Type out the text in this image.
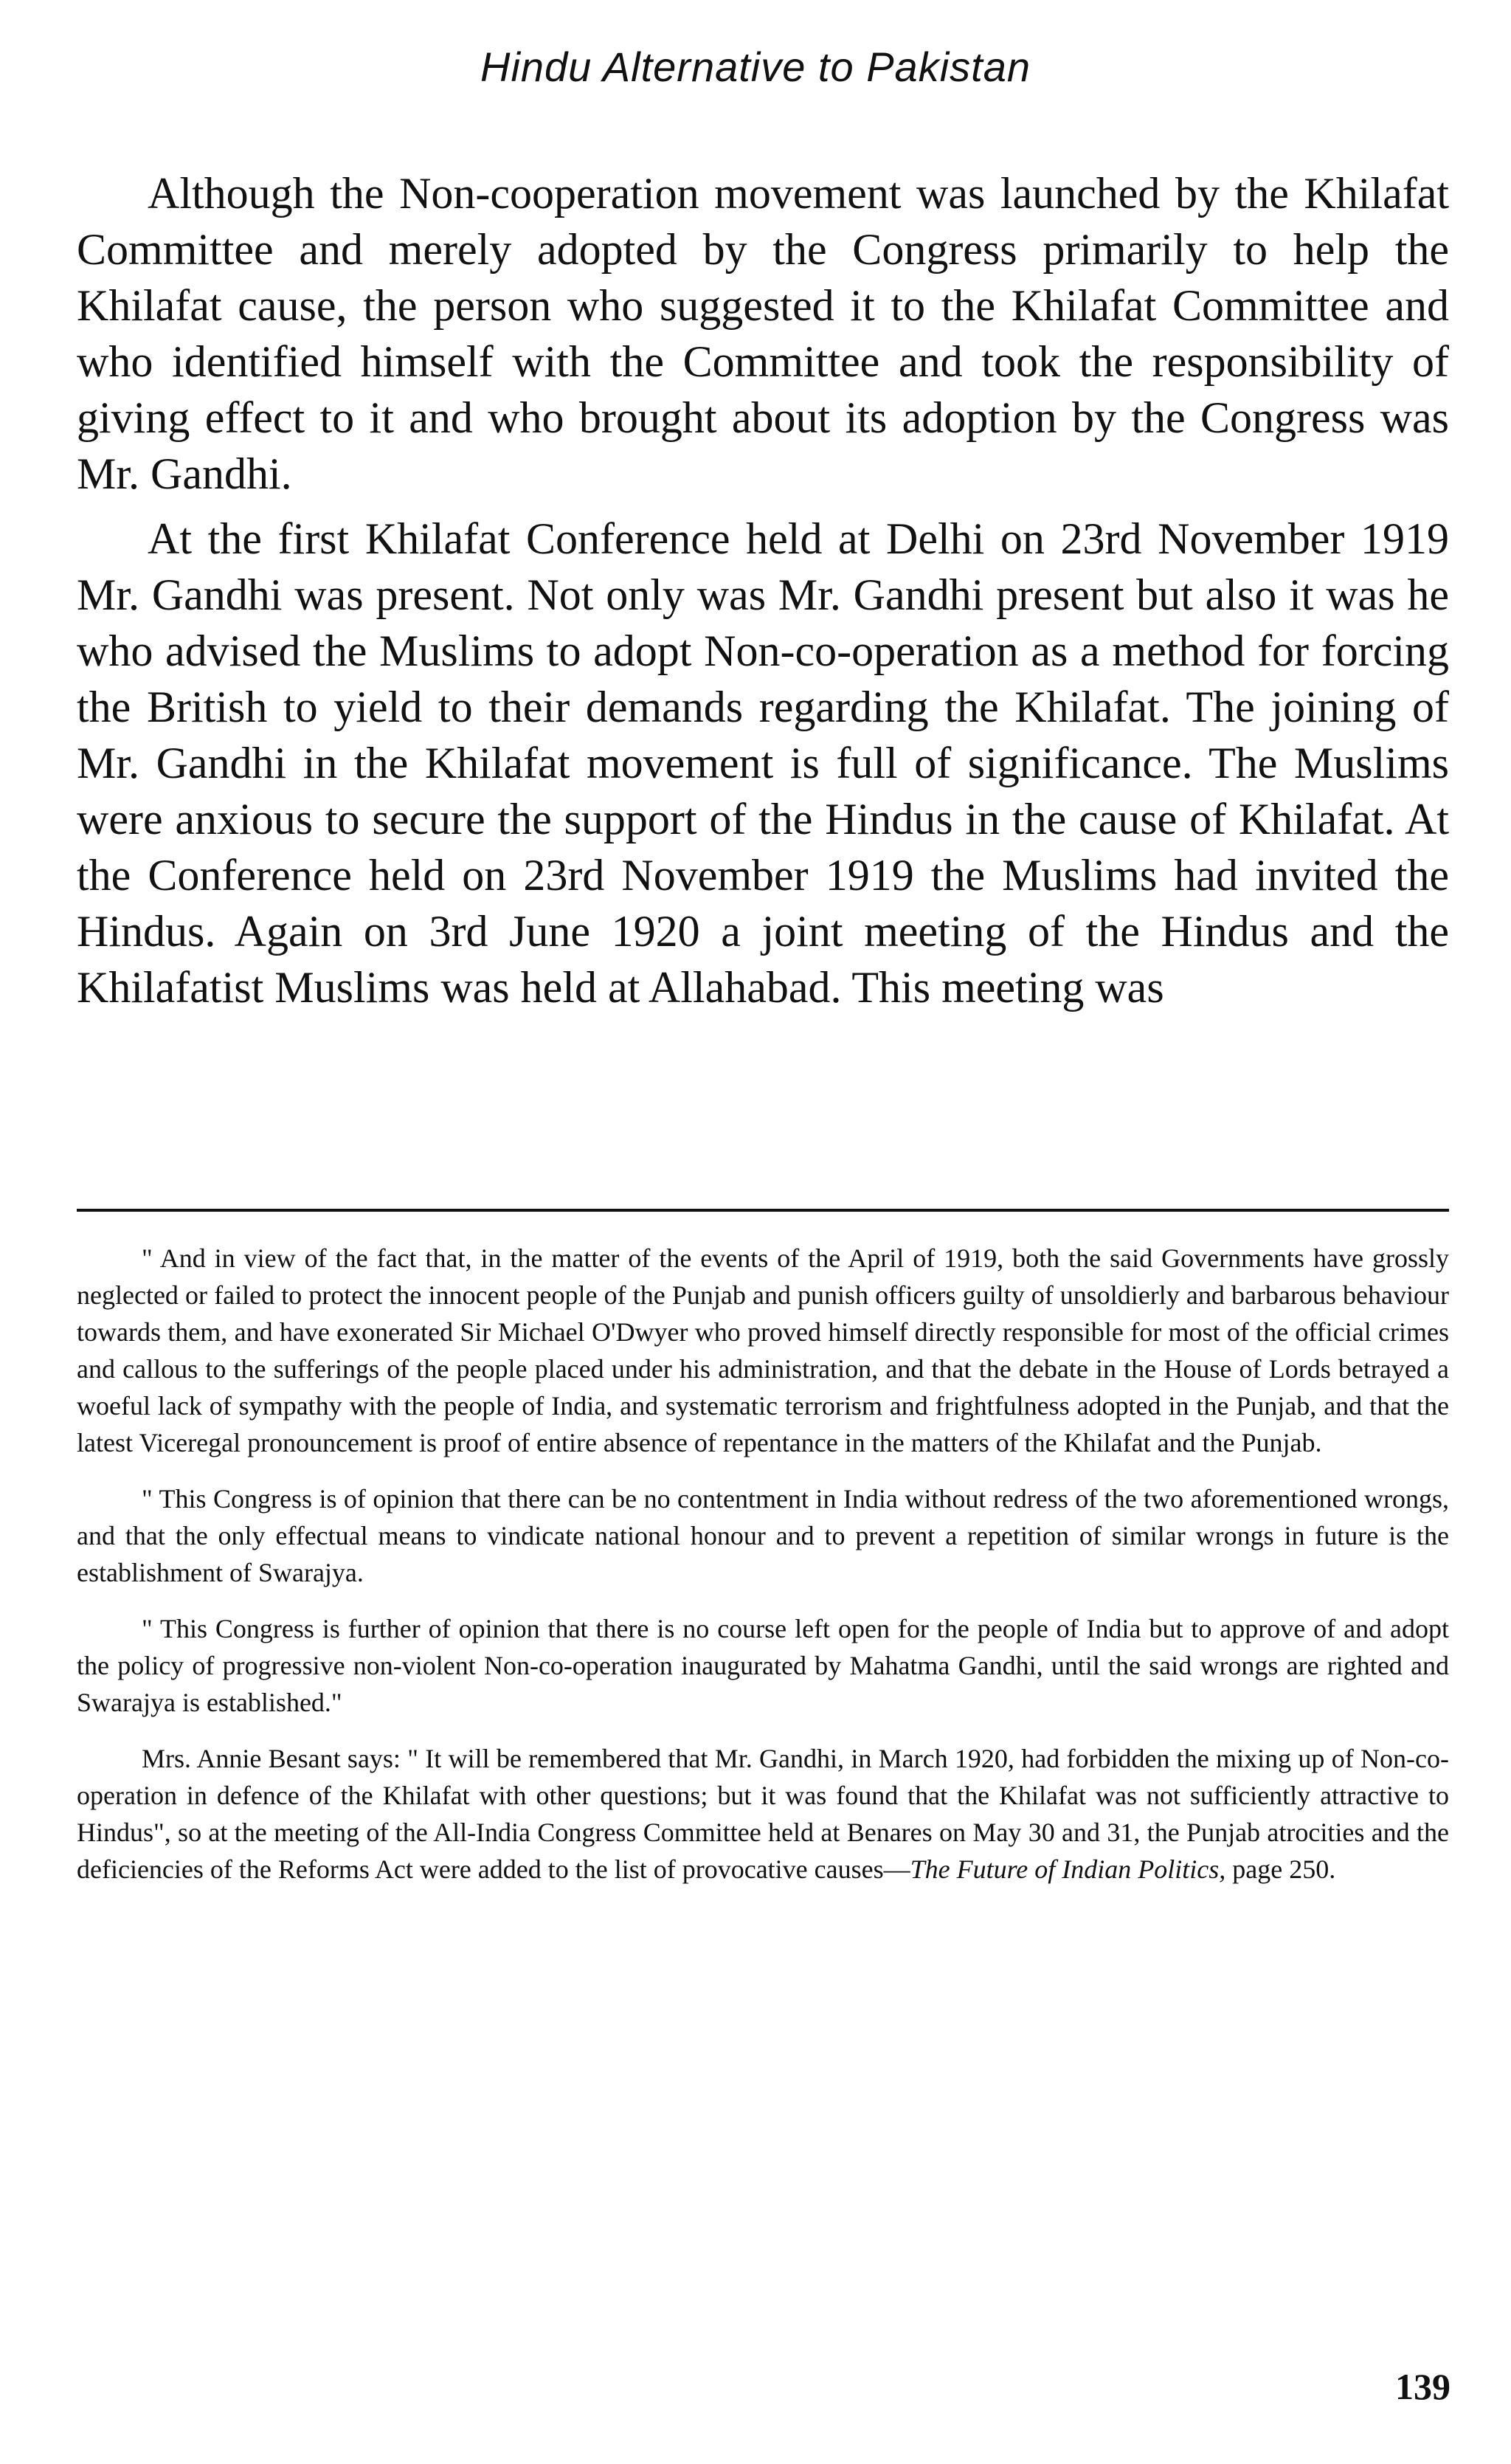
Hindu Alternative to Pakistan

Although the Non-cooperation movement was launched by the Khilafat Committee and merely adopted by the Congress primarily to help the Khilafat cause, the person who suggested it to the Khilafat Committee and who identified himself with the Committee and took the responsibility of giving effect to it and who brought about its adoption by the Congress was Mr. Gandhi.

At the first Khilafat Conference held at Delhi on 23rd November 1919 Mr. Gandhi was present. Not only was Mr. Gandhi present but also it was he who advised the Muslims to adopt Non-co-operation as a method for forcing the British to yield to their demands regarding the Khilafat. The joining of Mr. Gandhi in the Khilafat movement is full of significance. The Muslims were anxious to secure the support of the Hindus in the cause of Khilafat. At the Conference held on 23rd November 1919 the Muslims had invited the Hindus. Again on 3rd June 1920 a joint meeting of the Hindus and the Khilafatist Muslims was held at Allahabad. This meeting was

" And in view of the fact that, in the matter of the events of the April of 1919, both the said Governments have grossly neglected or failed to protect the innocent people of the Punjab and punish officers guilty of unsoldierly and barbarous behaviour towards them, and have exonerated Sir Michael O'Dwyer who proved himself directly responsible for most of the official crimes and callous to the sufferings of the people placed under his administration, and that the debate in the House of Lords betrayed a woeful lack of sympathy with the people of India, and systematic terrorism and frightfulness adopted in the Punjab, and that the latest Viceregal pronouncement is proof of entire absence of repentance in the matters of the Khilafat and the Punjab.

" This Congress is of opinion that there can be no contentment in India without redress of the two aforementioned wrongs, and that the only effectual means to vindicate national honour and to prevent a repetition of similar wrongs in future is the establishment of Swarajya.

" This Congress is further of opinion that there is no course left open for the people of India but to approve of and adopt the policy of progressive non-violent Non-co-operation inaugurated by Mahatma Gandhi, until the said wrongs are righted and Swarajya is established."

Mrs. Annie Besant says: " It will be remembered that Mr. Gandhi, in March 1920, had forbidden the mixing up of Non-co-operation in defence of the Khilafat with other questions; but it was found that the Khilafat was not sufficiently attractive to Hindus", so at the meeting of the All-India Congress Committee held at Benares on May 30 and 31, the Punjab atrocities and the deficiencies of the Reforms Act were added to the list of provocative causes—The Future of Indian Politics, page 250.

139
